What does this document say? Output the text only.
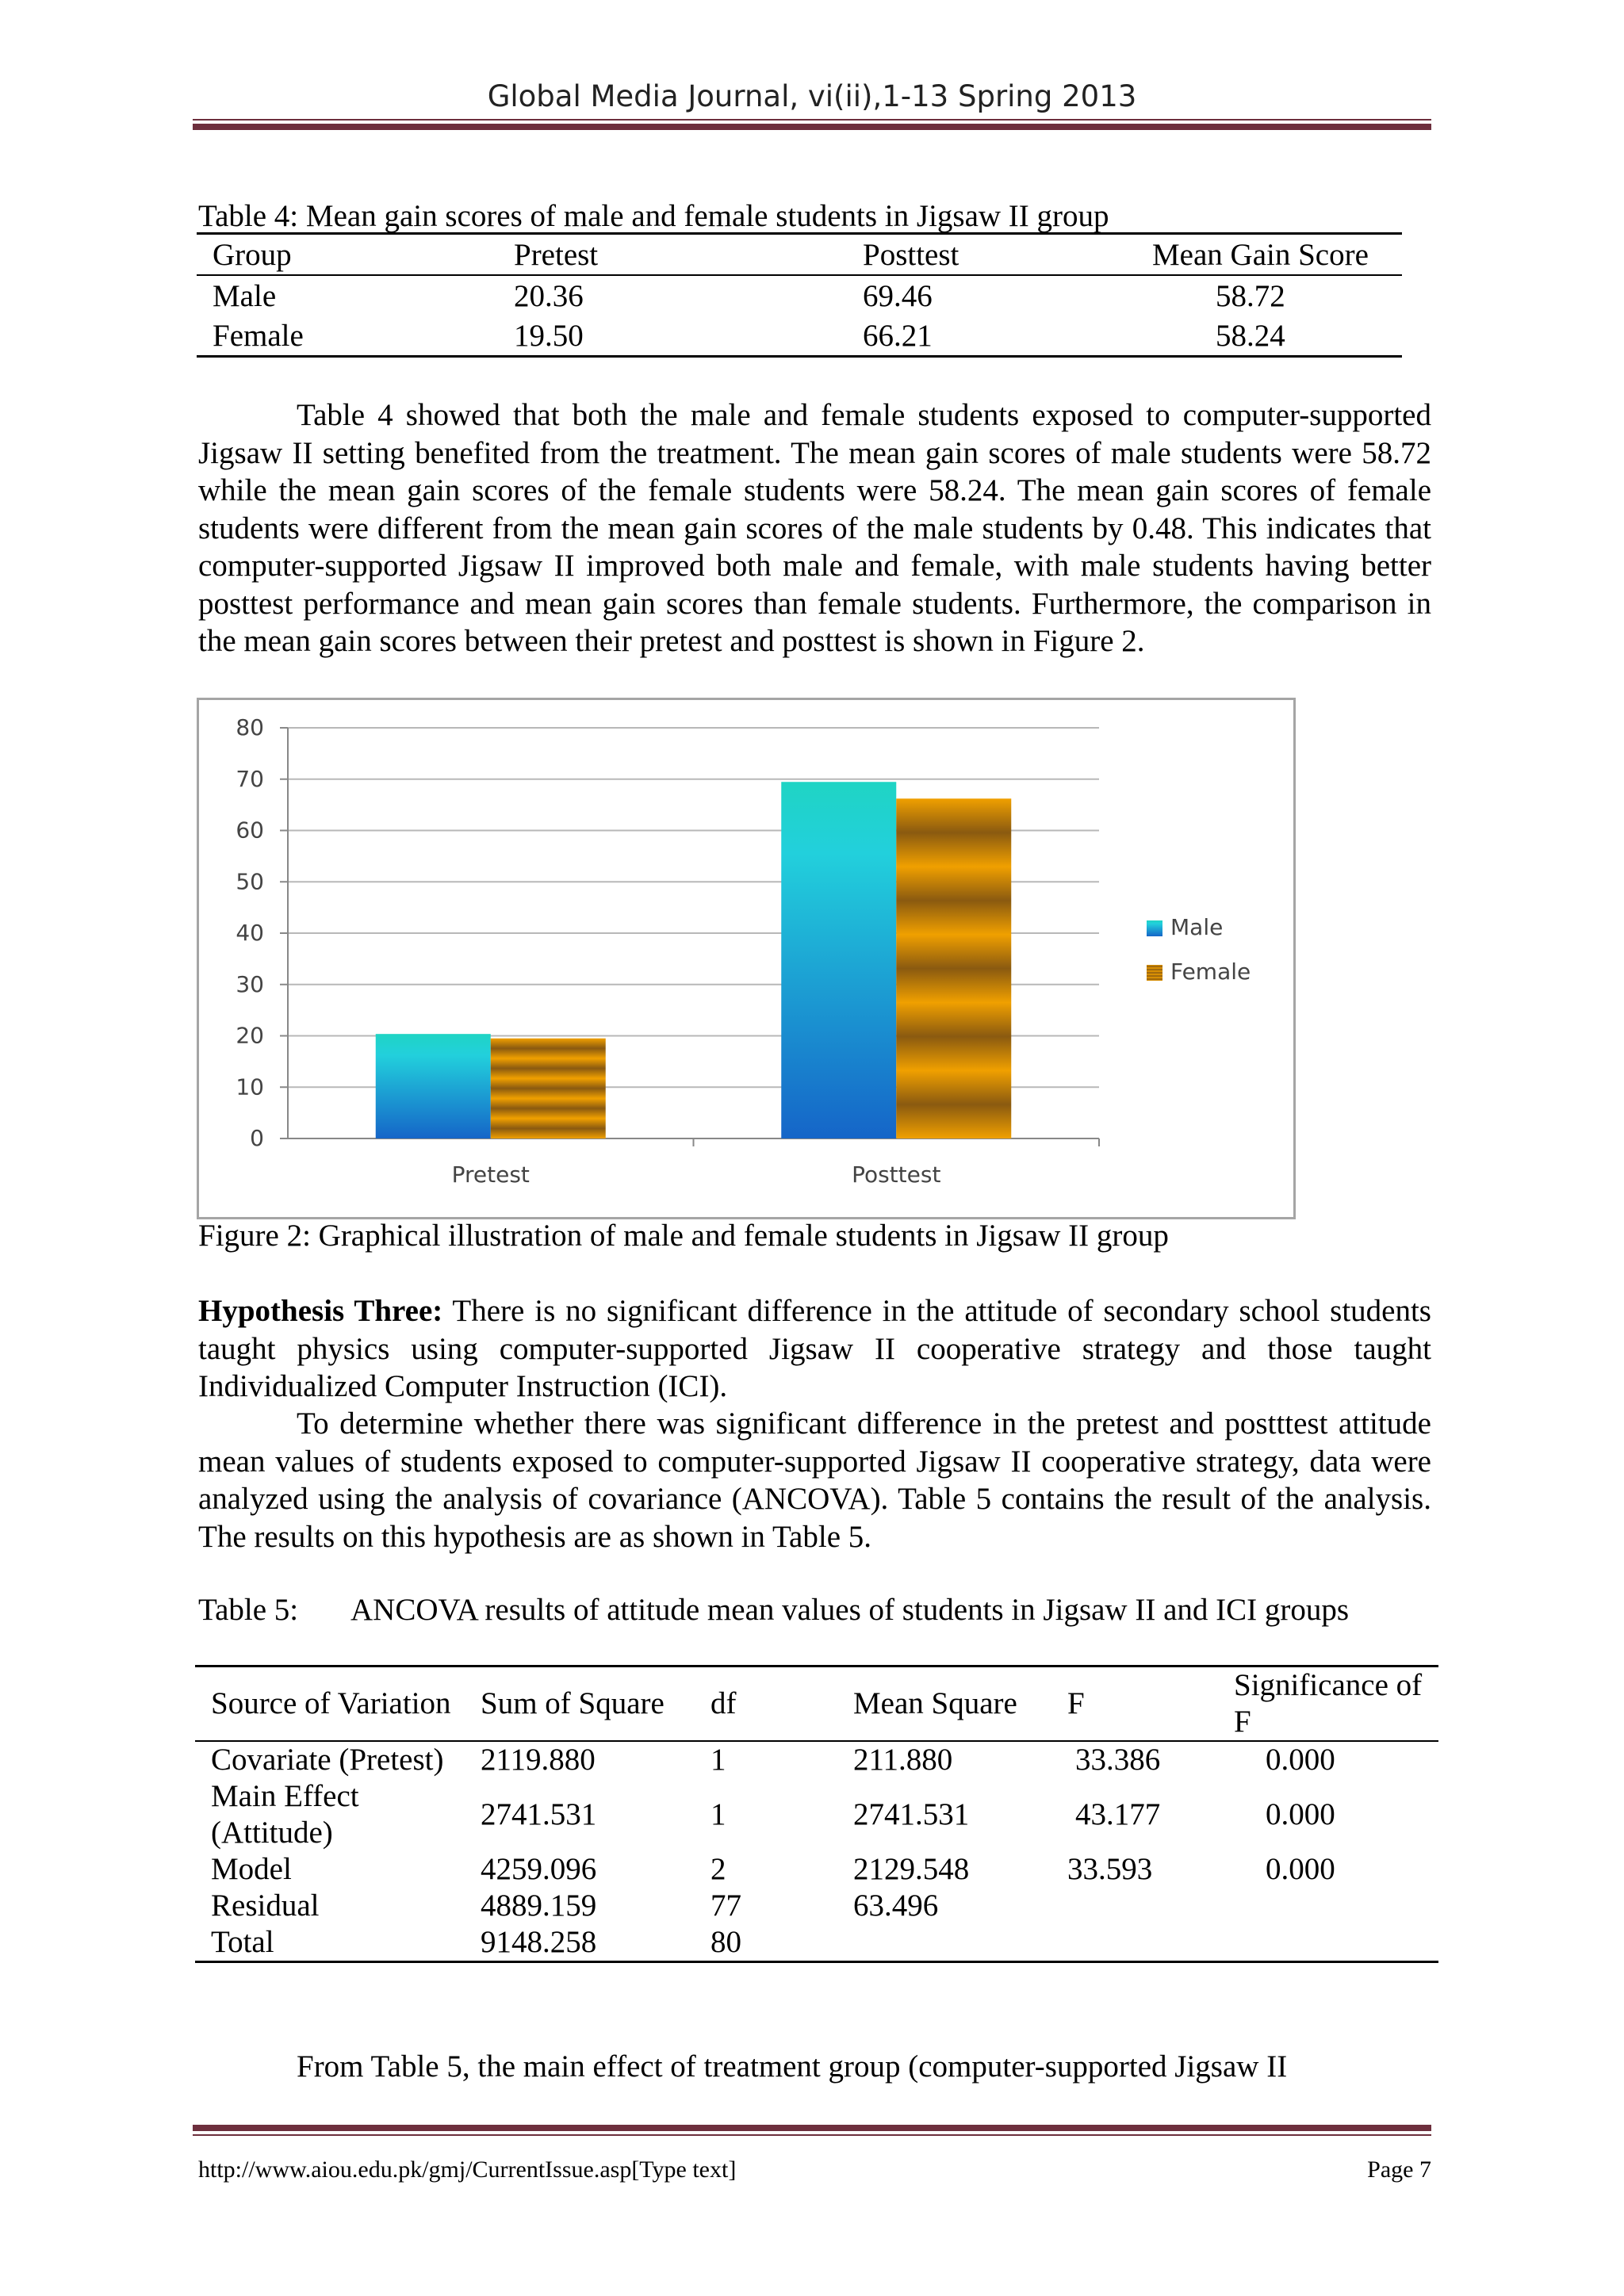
Global Media Journal, vi(ii),1-13 Spring 2013
Table 4: Mean gain scores of male and female students in Jigsaw II group
Group	Pretest	Posttest	Mean Gain Score
Male	20.36	69.46	58.72
Female	19.50	66.21	58.24
Table 4 showed that both the male and female students exposed to computer-supported Jigsaw II setting benefited from the treatment. The mean gain scores of male students were 58.72 while the mean gain scores of the female students were 58.24. The mean gain scores of female students were different from the mean gain scores of the male students by 0.48. This indicates that computer-supported Jigsaw II improved both male and female, with male students having better posttest performance and mean gain scores than female students. Furthermore, the comparison in the mean gain scores between their pretest and posttest is shown in Figure 2.
0
10
20
30
40
50
60
70
80
Pretest	Posttest
Male
Female
Figure 2: Graphical illustration of male and female students in Jigsaw II group
Hypothesis Three: There is no significant difference in the attitude of secondary school students taught physics using computer-supported Jigsaw II cooperative strategy and those taught Individualized Computer Instruction (ICI).
To determine whether there was significant difference in the pretest and postttest attitude mean values of students exposed to computer-supported Jigsaw II cooperative strategy, data were analyzed using the analysis of covariance (ANCOVA). Table 5 contains the result of the analysis. The results on this hypothesis are as shown in Table 5.
Table 5: ANCOVA results of attitude mean values of students in Jigsaw II and ICI groups
Source of Variation	Sum of Square	df	Mean Square	F	Significance of F
Covariate (Pretest)	2119.880	1	211.880	33.386	0.000
Main Effect (Attitude)	2741.531	1	2741.531	43.177	0.000
Model	4259.096	2	2129.548	33.593	0.000
Residual	4889.159	77	63.496		
Total	9148.258	80			
From Table 5, the main effect of treatment group (computer-supported Jigsaw II
http://www.aiou.edu.pk/gmj/CurrentIssue.asp[Type text]	Page 7
